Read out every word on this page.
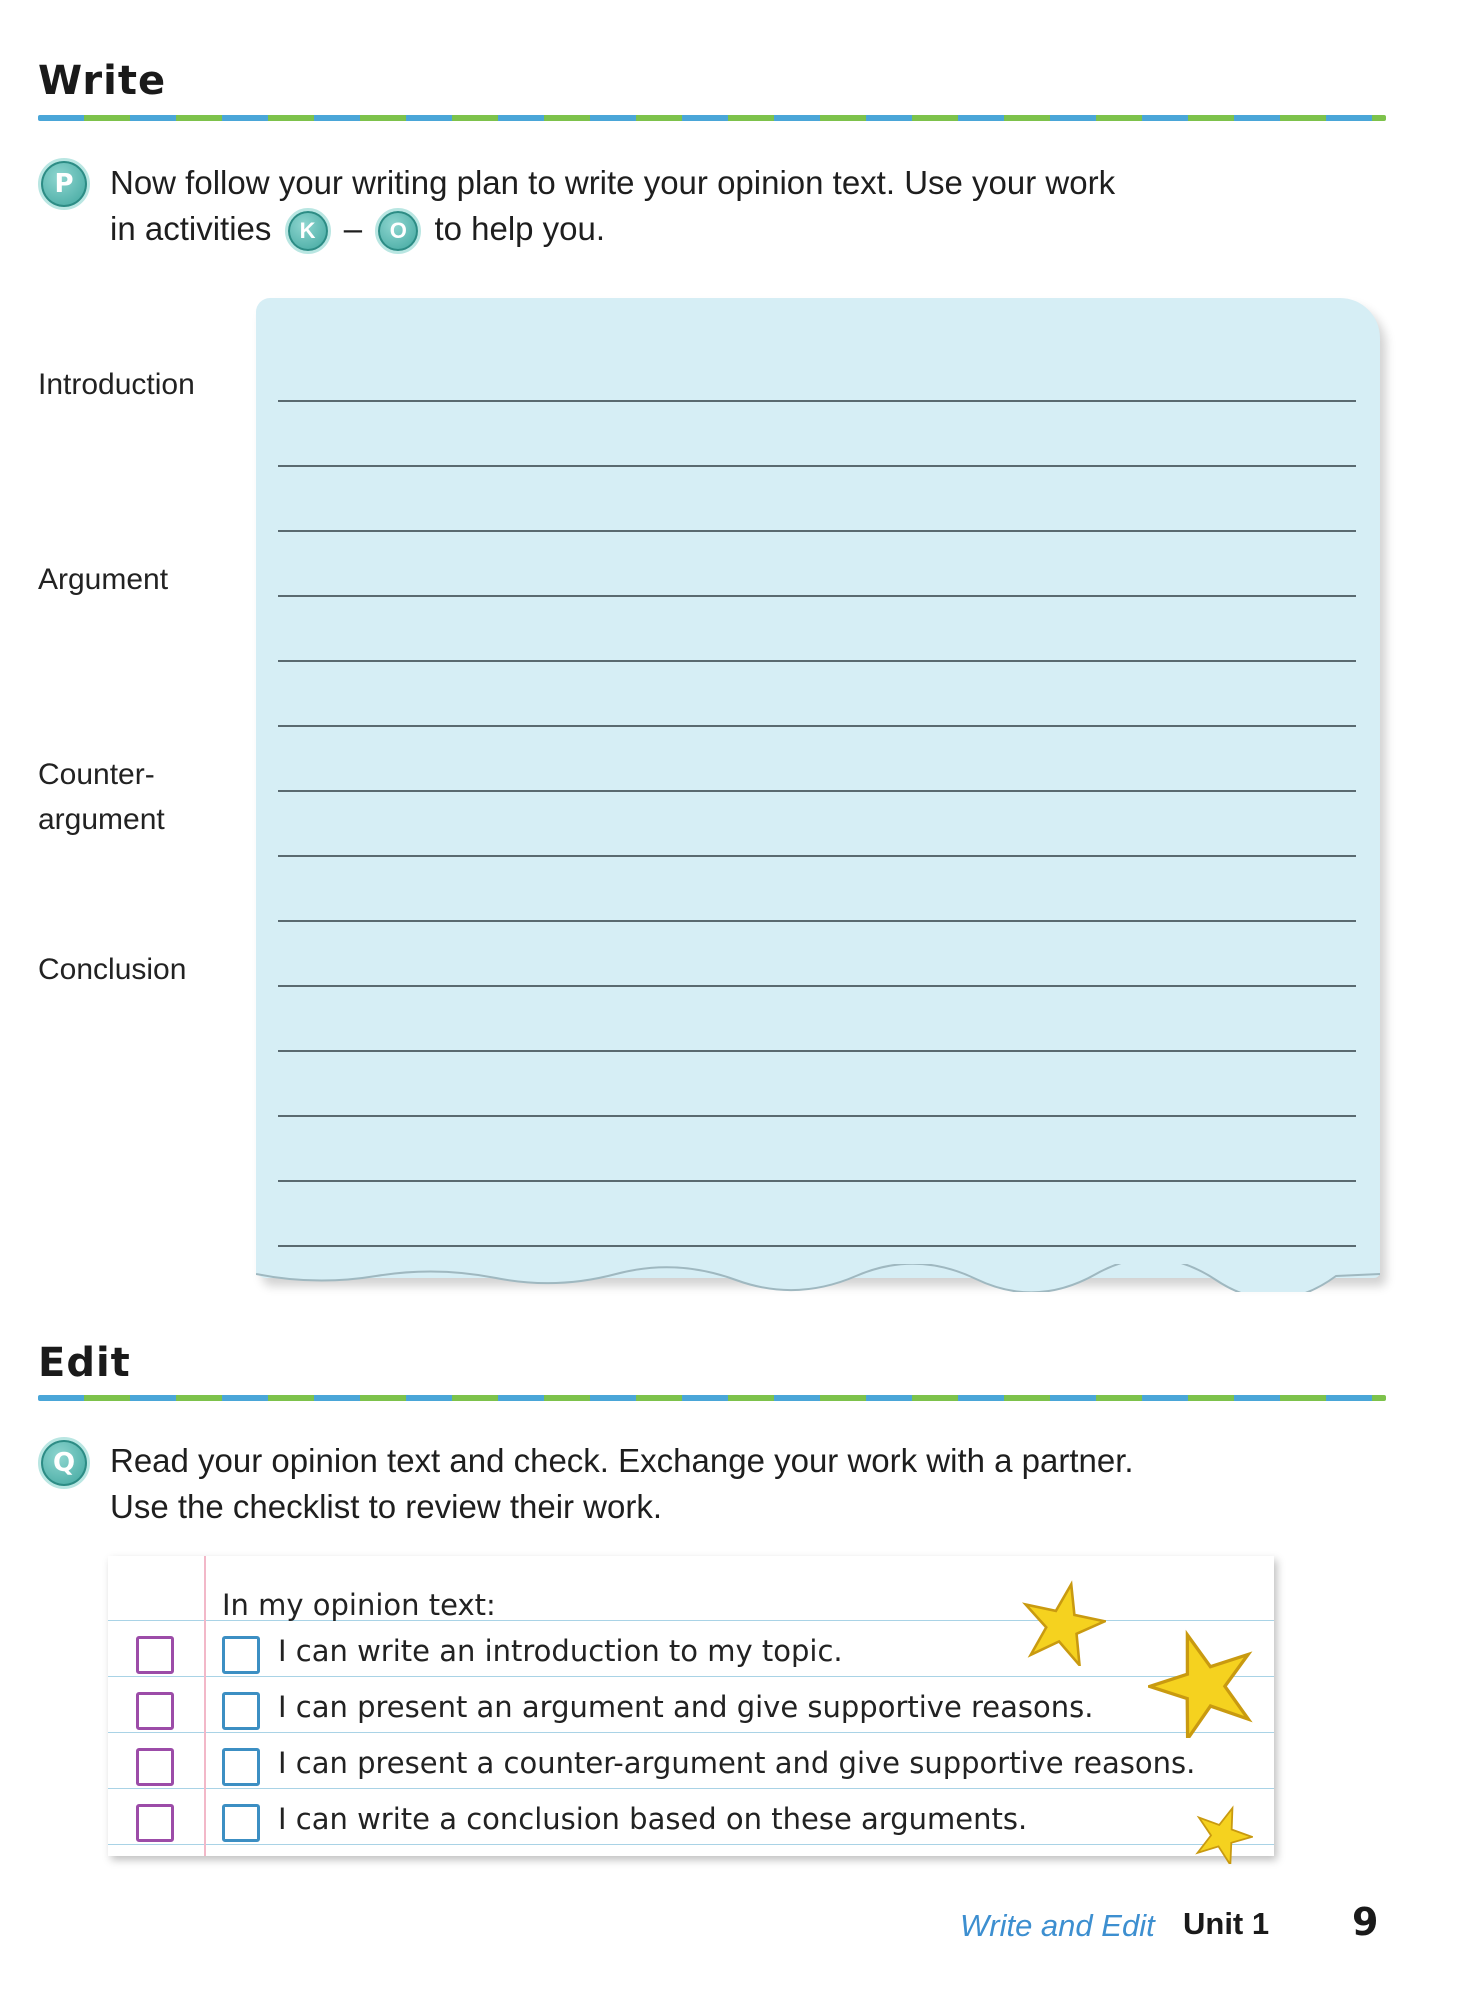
Write
P	Now follow your writing plan to write your opinion text. Use your work
in activities K – O to help you.
Introduction
Argument
Counter-
argument
Conclusion
Edit
Q	Read your opinion text and check. Exchange your work with a partner.
Use the checklist to review their work.
In my opinion text:
I can write an introduction to my topic.
I can present an argument and give supportive reasons.
I can present a counter-argument and give supportive reasons.
I can write a conclusion based on these arguments.
Write and Edit Unit 1 9
